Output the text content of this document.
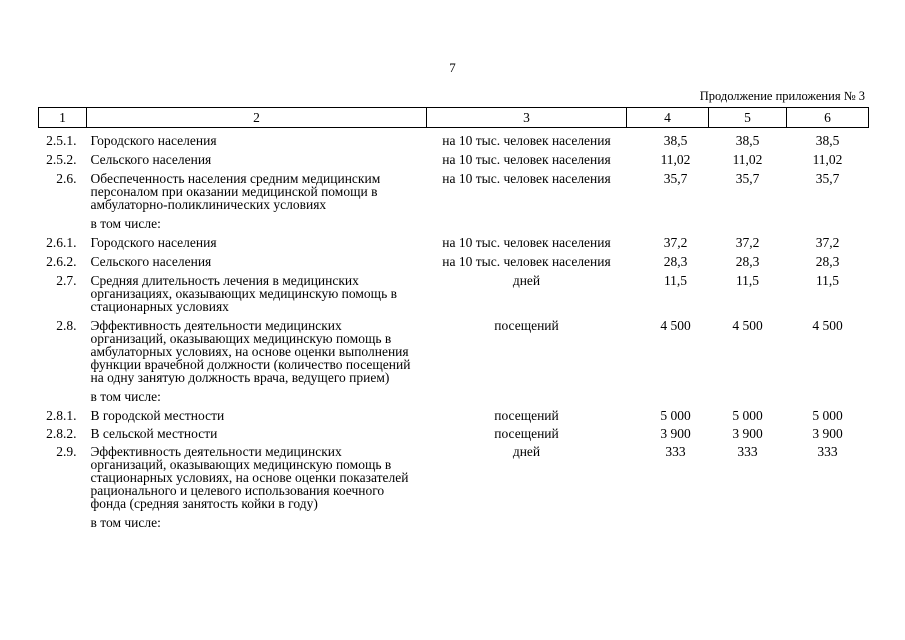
7
Продолжение приложения № 3
1	2	3	4	5	6
2.5.1.	Городского населения	на 10 тыс. человек населения	38,5	38,5	38,5
2.5.2.	Сельского населения	на 10 тыс. человек населения	11,02	11,02	11,02
2.6.	Обеспеченность населения средним медицинским персоналом при оказании медицинской помощи в амбулаторно-поликлинических условиях	на 10 тыс. человек населения	35,7	35,7	35,7
	в том числе:				
2.6.1.	Городского населения	на 10 тыс. человек населения	37,2	37,2	37,2
2.6.2.	Сельского населения	на 10 тыс. человек населения	28,3	28,3	28,3
2.7.	Средняя длительность лечения в медицинских организациях, оказывающих медицинскую помощь в стационарных условиях	дней	11,5	11,5	11,5
2.8.	Эффективность деятельности медицинских организаций, оказывающих медицинскую помощь в амбулаторных условиях, на основе оценки выполнения функции врачебной должности (количество посещений на одну занятую должность врача, ведущего прием)	посещений	4 500	4 500	4 500
	в том числе:				
2.8.1.	В городской местности	посещений	5 000	5 000	5 000
2.8.2.	В сельской местности	посещений	3 900	3 900	3 900
2.9.	Эффективность деятельности медицинских организаций, оказывающих медицинскую помощь в стационарных условиях, на основе оценки показателей рационального и целевого использования коечного фонда (средняя занятость койки в году)	дней	333	333	333
	в том числе:				
